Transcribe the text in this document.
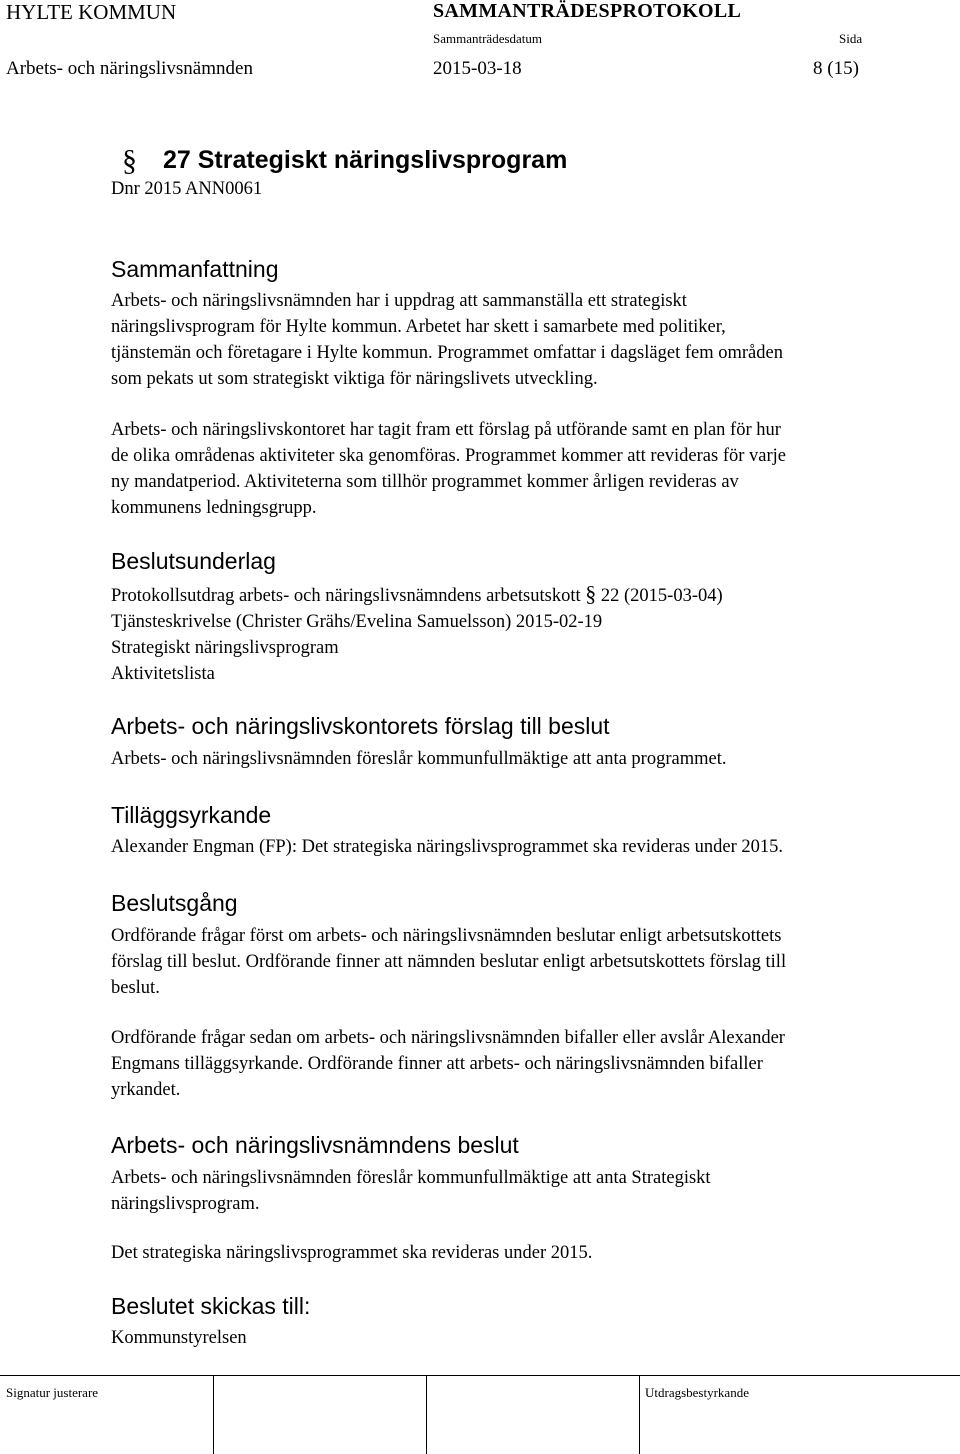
HYLTE KOMMUN	SAMMANTRÄDESPROTOKOLL
Sammanträdesdatum	Sida
Arbets- och näringslivsnämnden	2015-03-18	8 (15)
§ 27 Strategiskt näringslivsprogram
Dnr 2015 ANN0061
Sammanfattning
Arbets- och näringslivsnämnden har i uppdrag att sammanställa ett strategiskt
näringslivsprogram för Hylte kommun. Arbetet har skett i samarbete med politiker,
tjänstemän och företagare i Hylte kommun. Programmet omfattar i dagsläget fem områden
som pekats ut som strategiskt viktiga för näringslivets utveckling.
Arbets- och näringslivskontoret har tagit fram ett förslag på utförande samt en plan för hur
de olika områdenas aktiviteter ska genomföras. Programmet kommer att revideras för varje
ny mandatperiod. Aktiviteterna som tillhör programmet kommer årligen revideras av
kommunens ledningsgrupp.
Beslutsunderlag
Protokollsutdrag arbets- och näringslivsnämndens arbetsutskott § 22 (2015-03-04)
Tjänsteskrivelse (Christer Grähs/Evelina Samuelsson) 2015-02-19
Strategiskt näringslivsprogram
Aktivitetslista
Arbets- och näringslivskontorets förslag till beslut
Arbets- och näringslivsnämnden föreslår kommunfullmäktige att anta programmet.
Tilläggsyrkande
Alexander Engman (FP): Det strategiska näringslivsprogrammet ska revideras under 2015.
Beslutsgång
Ordförande frågar först om arbets- och näringslivsnämnden beslutar enligt arbetsutskottets
förslag till beslut. Ordförande finner att nämnden beslutar enligt arbetsutskottets förslag till
beslut.
Ordförande frågar sedan om arbets- och näringslivsnämnden bifaller eller avslår Alexander
Engmans tilläggsyrkande. Ordförande finner att arbets- och näringslivsnämnden bifaller
yrkandet.
Arbets- och näringslivsnämndens beslut
Arbets- och näringslivsnämnden föreslår kommunfullmäktige att anta Strategiskt
näringslivsprogram.
Det strategiska näringslivsprogrammet ska revideras under 2015.
Beslutet skickas till:
Kommunstyrelsen
Signatur justerare	Utdragsbestyrkande
